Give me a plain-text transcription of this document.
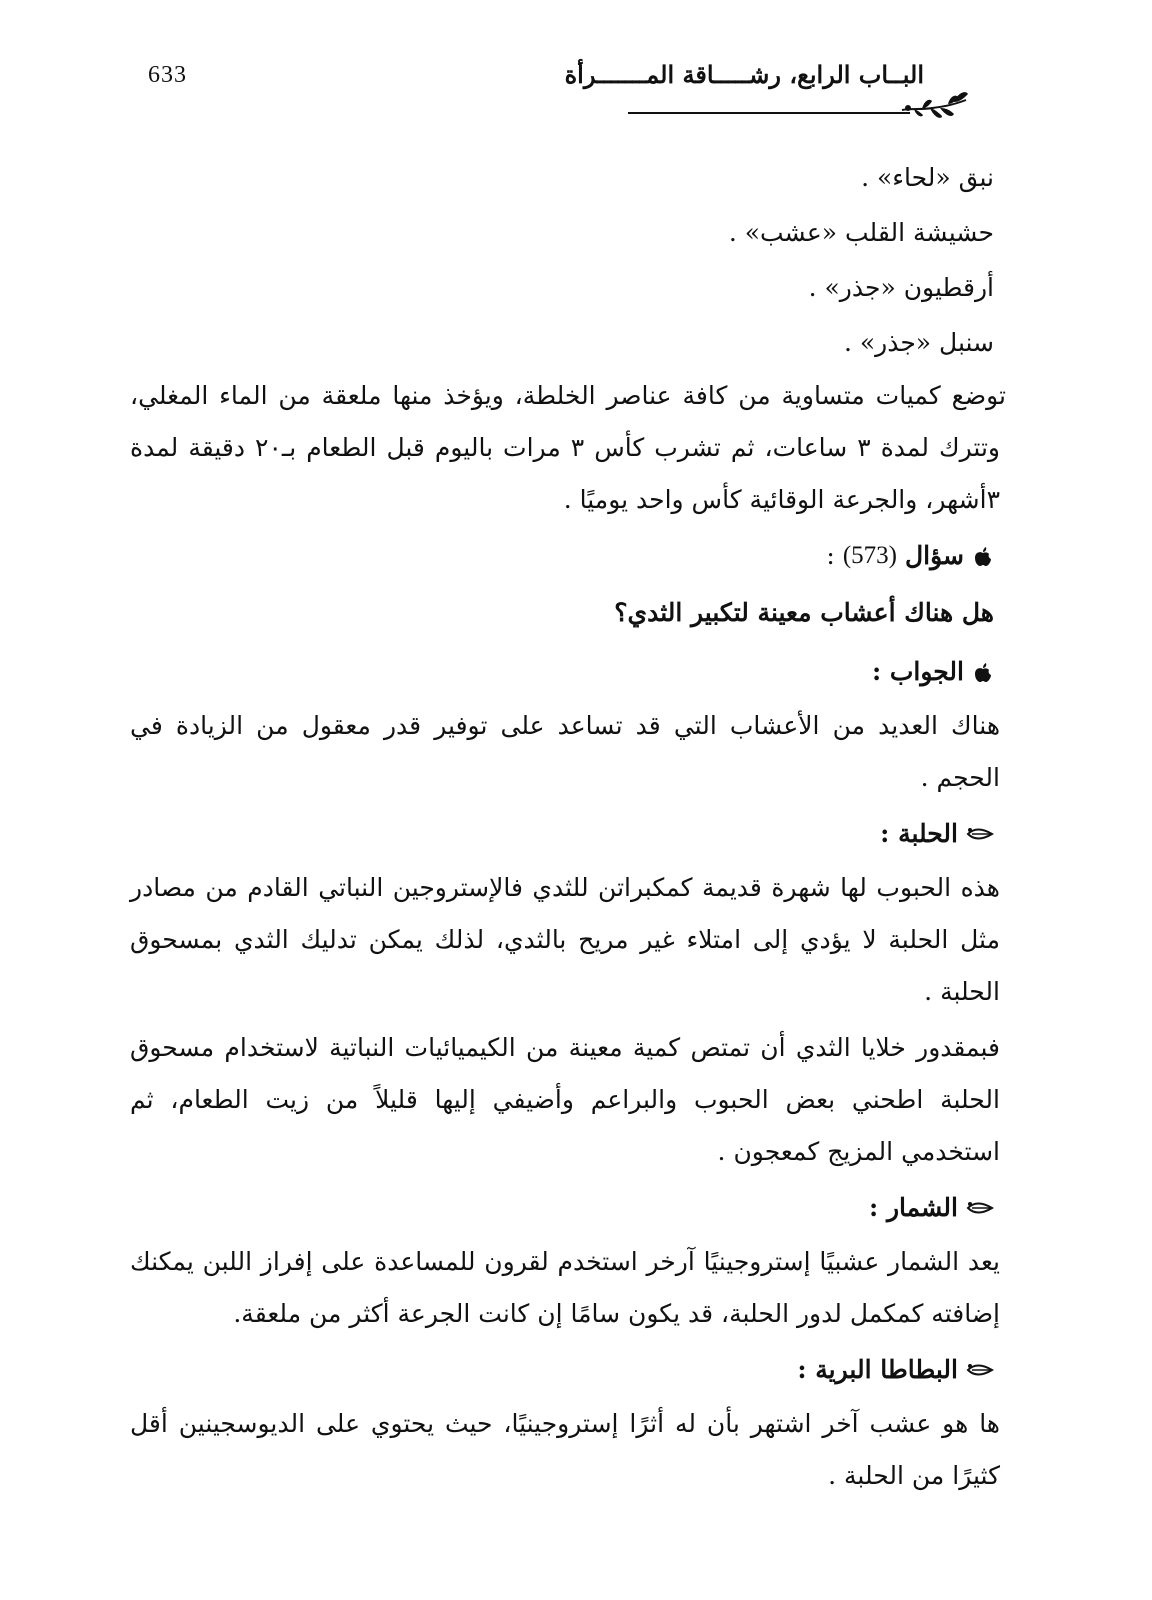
633	البــاب الرابع، رشـــــاقة المـــــــرأة
نبق «لحاء» .
حشيشة القلب «عشب» .
أرقطيون «جذر» .
سنبل «جذر» .

توضع كميات متساوية من كافة عناصر الخلطة، ويؤخذ منها ملعقة من الماء المغلي، وتترك لمدة ٣ ساعات، ثم تشرب كأس ٣ مرات باليوم قبل الطعام بـ٢٠ دقيقة لمدة ٣أشهر، والجرعة الوقائية كأس واحد يوميًا .

سؤال
(573)
:
هل هناك أعشاب معينة لتكبير الثدي؟
الجواب :

هناك العديد من الأعشاب التي قد تساعد على توفير قدر معقول من الزيادة في الحجم .

الحلبة :

هذه الحبوب لها شهرة قديمة كمكبراتن للثدي فالإستروجين النباتي القادم من مصادر مثل الحلبة لا يؤدي إلى امتلاء غير مريح بالثدي، لذلك يمكن تدليك الثدي بمسحوق الحلبة .

فبمقدور خلايا الثدي أن تمتص كمية معينة من الكيميائيات النباتية لاستخدام مسحوق الحلبة اطحني بعض الحبوب والبراعم وأضيفي إليها قليلاً من زيت الطعام، ثم استخدمي المزيج كمعجون .

الشمار :

يعد الشمار عشبيًا إستروجينيًا آرخر استخدم لقرون للمساعدة على إفراز اللبن يمكنك إضافته كمكمل لدور الحلبة، قد يكون سامًا إن كانت الجرعة أكثر من ملعقة.

البطاطا البرية :

ها هو عشب آخر اشتهر بأن له أثرًا إستروجينيًا، حيث يحتوي على الديوسجينين أقل كثيرًا من الحلبة .
